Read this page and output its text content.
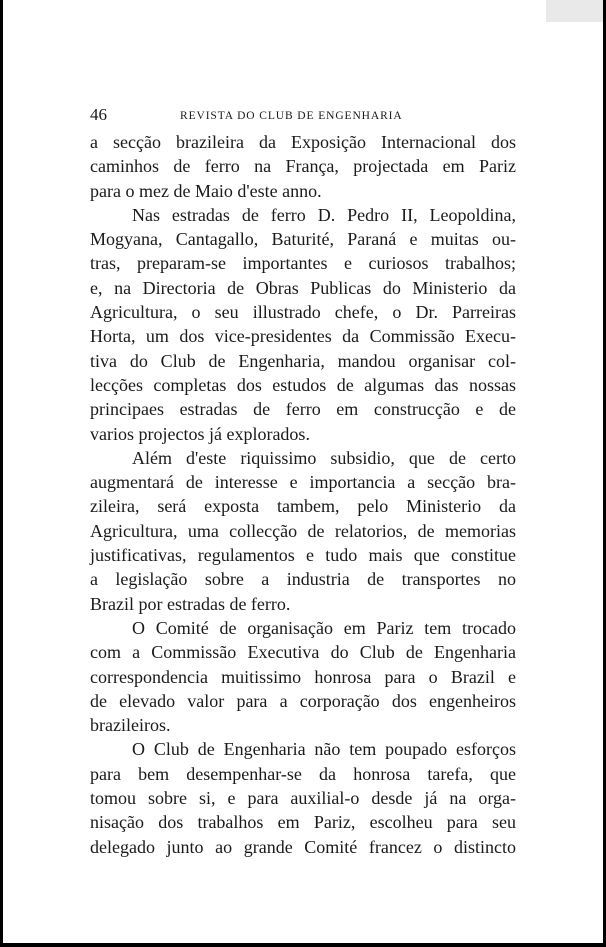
46	REVISTA DO CLUB DE ENGENHARIA
a secção brazileira da Exposição Internacional dos
caminhos de ferro na França, projectada em Pariz
para o mez de Maio d'este anno.
Nas estradas de ferro D. Pedro II, Leopoldina,
Mogyana, Cantagallo, Baturité, Paraná e muitas ou-
tras, preparam-se importantes e curiosos trabalhos;
e, na Directoria de Obras Publicas do Ministerio da
Agricultura, o seu illustrado chefe, o Dr. Parreiras
Horta, um dos vice-presidentes da Commissão Execu-
tiva do Club de Engenharia, mandou organisar col-
lecções completas dos estudos de algumas das nossas
principaes estradas de ferro em construcção e de
varios projectos já explorados.
Além d'este riquissimo subsidio, que de certo
augmentará de interesse e importancia a secção bra-
zileira, será exposta tambem, pelo Ministerio da
Agricultura, uma collecção de relatorios, de memorias
justificativas, regulamentos e tudo mais que constitue
a legislação sobre a industria de transportes no
Brazil por estradas de ferro.
O Comité de organisação em Pariz tem trocado
com a Commissão Executiva do Club de Engenharia
correspondencia muitissimo honrosa para o Brazil e
de elevado valor para a corporação dos engenheiros
brazileiros.
O Club de Engenharia não tem poupado esforços
para bem desempenhar-se da honrosa tarefa, que
tomou sobre si, e para auxilial-o desde já na orga-
nisação dos trabalhos em Pariz, escolheu para seu
delegado junto ao grande Comité francez o distincto
